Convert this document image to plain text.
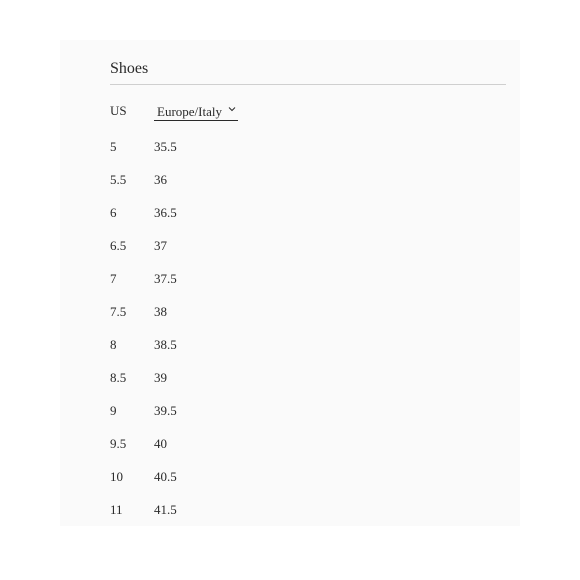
Shoes
US Europe/Italy
5	35.5
5.5 36
6	36.5
6.5 37
7	37.5
7.5 38
8	38.5
8.5 39
9	39.5
9.5 40
10 40.5
11 41.5
